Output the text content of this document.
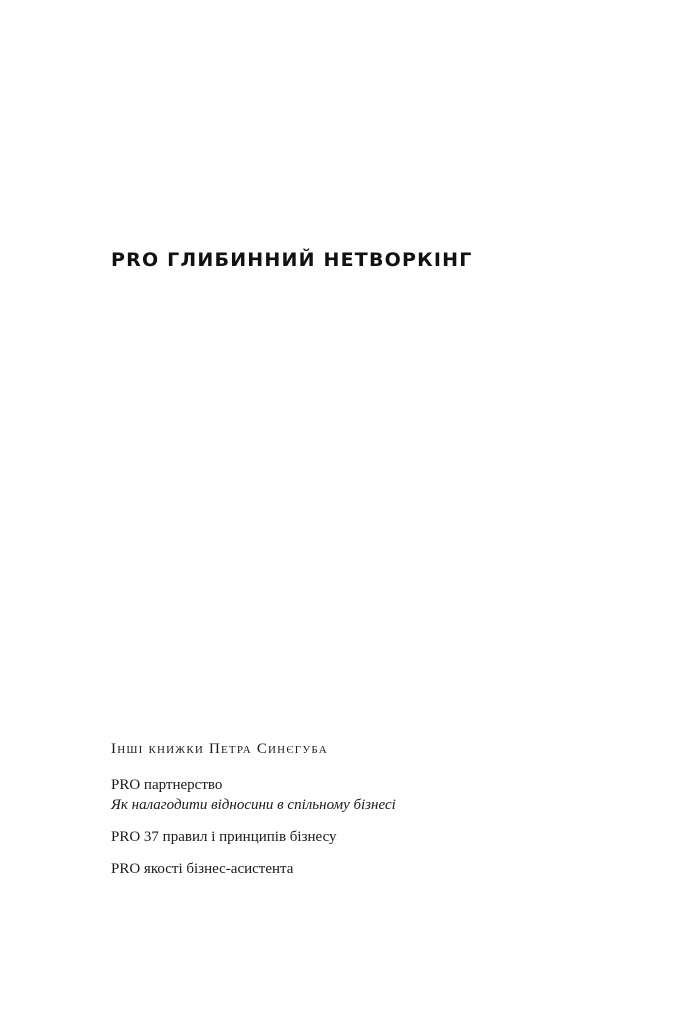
PRO ГЛИБИННИЙ НЕТВОРКІНГ
Інші книжки Петра Синєгуба
PRO партнерство
Як налагодити відносини в спільному бізнесі
PRO 37 правил і принципів бізнесу
PRO якості бізнес-асистента
